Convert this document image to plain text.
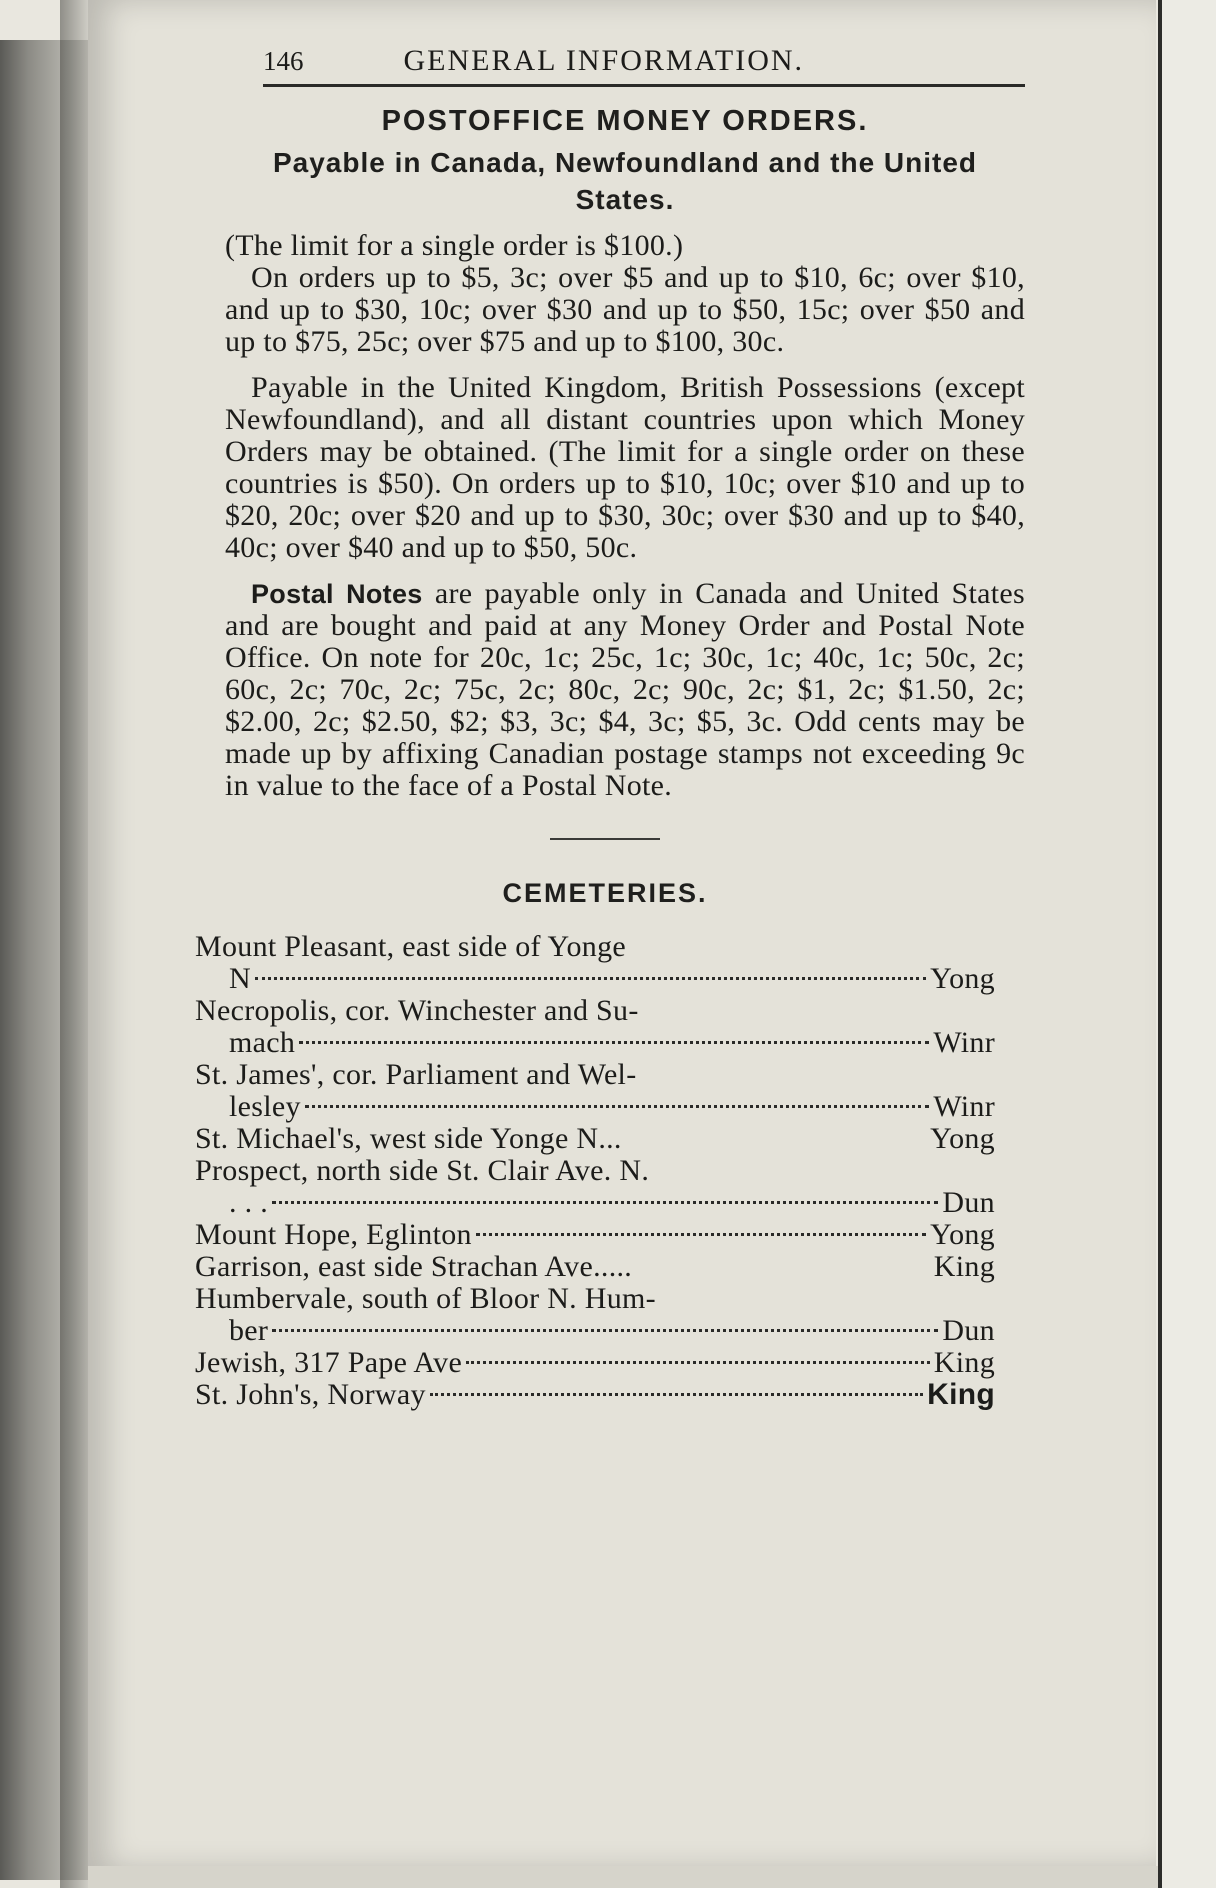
146	GENERAL INFORMATION.
POSTOFFICE MONEY ORDERS.
Payable in Canada, Newfoundland and the United States.

(The limit for a single order is $100.)

On orders up to $5, 3c; over $5 and up to $10, 6c; over $10, and up to $30, 10c; over $30 and up to $50, 15c; over $50 and up to $75, 25c; over $75 and up to $100, 30c.

Payable in the United Kingdom, British Possessions (except Newfoundland), and all distant countries upon which Money Orders may be obtained. (The limit for a single order on these countries is $50). On orders up to $10, 10c; over $10 and up to $20, 20c; over $20 and up to $30, 30c; over $30 and up to $40, 40c; over $40 and up to $50, 50c.

Postal Notes are payable only in Canada and United States and are bought and paid at any Money Order and Postal Note Office. On note for 20c, 1c; 25c, 1c; 30c, 1c; 40c, 1c; 50c, 2c; 60c, 2c; 70c, 2c; 75c, 2c; 80c, 2c; 90c, 2c; $1, 2c; $1.50, 2c; $2.00, 2c; $2.50, $2; $3, 3c; $4, 3c; $5, 3c. Odd cents may be made up by affixing Canadian postage stamps not exceeding 9c in value to the face of a Postal Note.

CEMETERIES.
Mount Pleasant, east side of Yonge
N	Yong
Necropolis, cor. Winchester and Su-
mach	Winr
St. James', cor. Parliament and Wel-
lesley	Winr
St. Michael's, west side Yonge N...	Yong
Prospect, north side St. Clair Ave. N.
. . .	Dun
Mount Hope, Eglinton	Yong
Garrison, east side Strachan Ave.....	King
Humbervale, south of Bloor N. Hum-
ber	Dun
Jewish, 317 Pape Ave	King
St. John's, Norway	King
